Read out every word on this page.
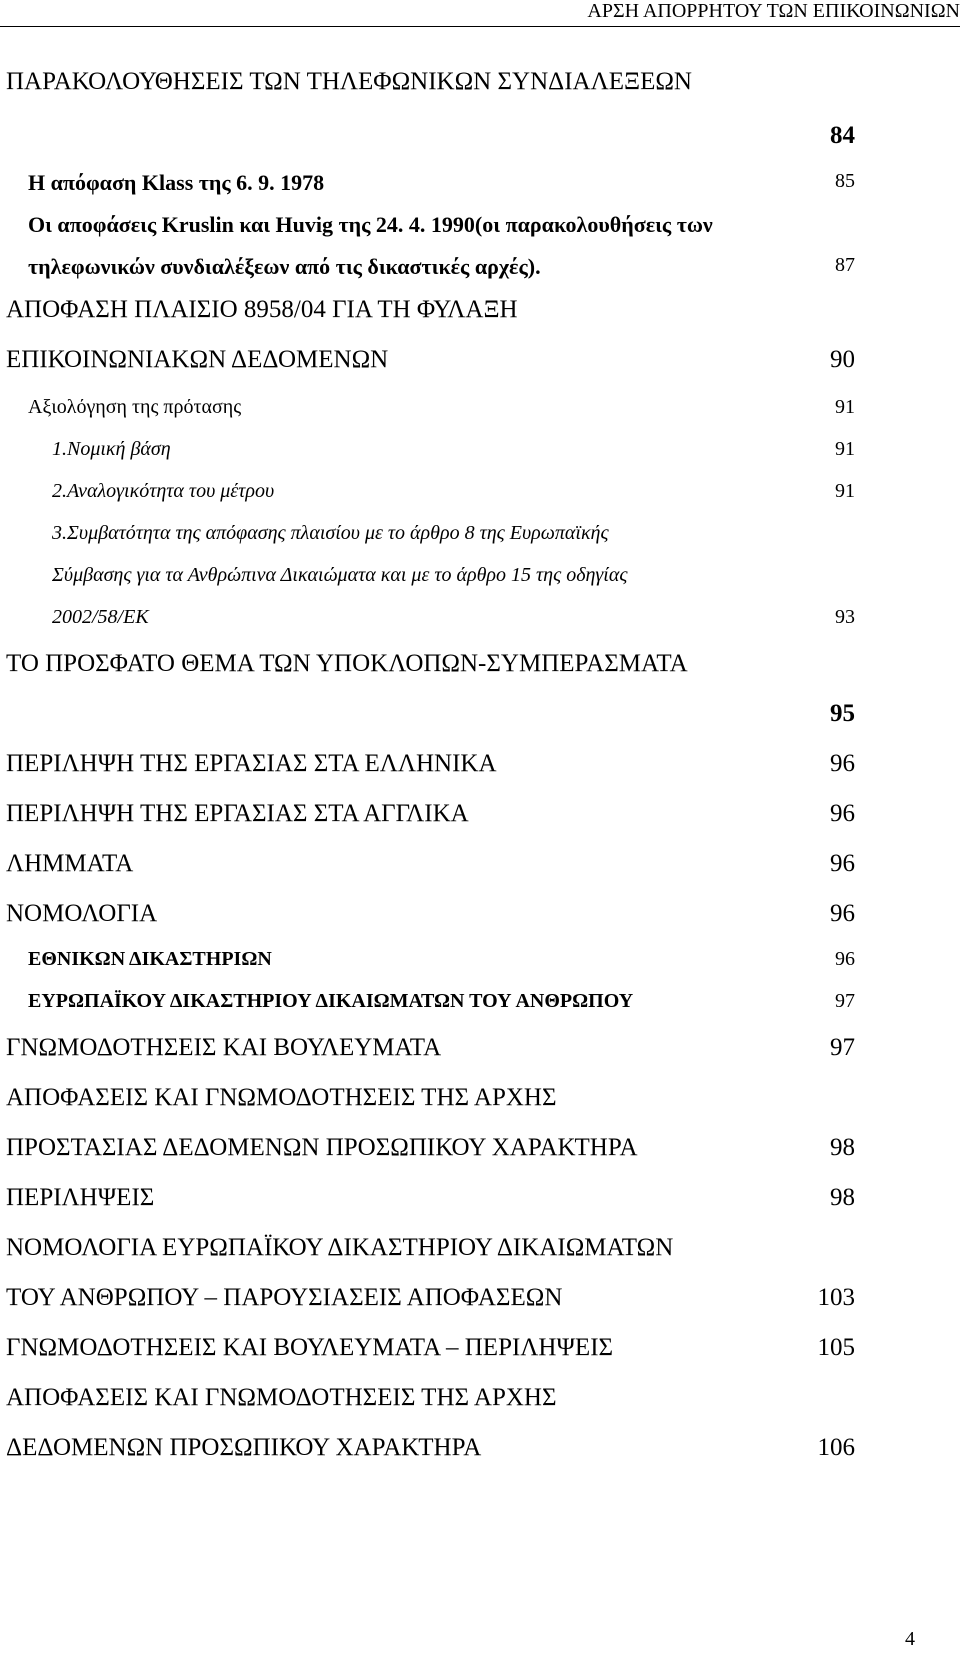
ΑΡΣΗ ΑΠΟΡΡΗΤΟΥ ΤΩΝ ΕΠΙΚΟΙΝΩΝΙΩΝ
ΠΑΡΑΚΟΛΟΥΘΗΣΕΙΣ ΤΩΝ ΤΗΛΕΦΩΝΙΚΩΝ ΣΥΝΔΙΑΛΕΞΕΩΝ
84
Η απόφαση Klass της 6. 9. 1978	85
Οι αποφάσεις Kruslin και Huvig της 24. 4. 1990(οι παρακολουθήσεις των
τηλεφωνικών συνδιαλέξεων από τις δικαστικές αρχές).	87
ΑΠΟΦΑΣΗ ΠΛΑΙΣΙΟ 8958/04 ΓΙΑ ΤΗ ΦΥΛΑΞΗ
ΕΠΙΚΟΙΝΩΝΙΑΚΩΝ ΔΕΔΟΜΕΝΩΝ	90
Αξιολόγηση της πρότασης	91
1.Νομική βάση	91
2.Αναλογικότητα του μέτρου	91
3.Συμβατότητα της απόφασης πλαισίου με το άρθρο 8 της Ευρωπαϊκής
Σύμβασης για τα Ανθρώπινα Δικαιώματα και με το άρθρο 15 της οδηγίας
2002/58/ΕΚ	93
ΤΟ ΠΡΟΣΦΑΤΟ ΘΕΜΑ ΤΩΝ ΥΠΟΚΛΟΠΩΝ-ΣΥΜΠΕΡΑΣΜΑΤΑ
95
ΠΕΡΙΛΗΨΗ ΤΗΣ ΕΡΓΑΣΙΑΣ ΣΤΑ ΕΛΛΗΝΙΚΑ	96
ΠΕΡΙΛΗΨΗ ΤΗΣ ΕΡΓΑΣΙΑΣ ΣΤΑ ΑΓΓΛΙΚΑ	96
ΛΗΜΜΑΤΑ	96
ΝΟΜΟΛΟΓΙΑ	96
ΕΘΝΙΚΩΝ ΔΙΚΑΣΤΗΡΙΩΝ	96
ΕΥΡΩΠΑΪΚΟΥ ΔΙΚΑΣΤΗΡΙΟΥ ΔΙΚΑΙΩΜΑΤΩΝ ΤΟΥ ΑΝΘΡΩΠΟΥ	97
ΓΝΩΜΟΔΟΤΗΣΕΙΣ ΚΑΙ ΒΟΥΛΕΥΜΑΤΑ	97
ΑΠΟΦΑΣΕΙΣ ΚΑΙ ΓΝΩΜΟΔΟΤΗΣΕΙΣ ΤΗΣ ΑΡΧΗΣ
ΠΡΟΣΤΑΣΙΑΣ ΔΕΔΟΜΕΝΩΝ ΠΡΟΣΩΠΙΚΟΥ ΧΑΡΑΚΤΗΡΑ	98
ΠΕΡΙΛΗΨΕΙΣ	98
ΝΟΜΟΛΟΓΙΑ ΕΥΡΩΠΑΪΚΟΥ ΔΙΚΑΣΤΗΡΙΟΥ ΔΙΚΑΙΩΜΑΤΩΝ
ΤΟΥ ΑΝΘΡΩΠΟΥ – ΠΑΡΟΥΣΙΑΣΕΙΣ ΑΠΟΦΑΣΕΩΝ	103
ΓΝΩΜΟΔΟΤΗΣΕΙΣ ΚΑΙ ΒΟΥΛΕΥΜΑΤΑ – ΠΕΡΙΛΗΨΕΙΣ	105
ΑΠΟΦΑΣΕΙΣ ΚΑΙ ΓΝΩΜΟΔΟΤΗΣΕΙΣ ΤΗΣ ΑΡΧΗΣ
ΔΕΔΟΜΕΝΩΝ ΠΡΟΣΩΠΙΚΟΥ ΧΑΡΑΚΤΗΡΑ	106
4
